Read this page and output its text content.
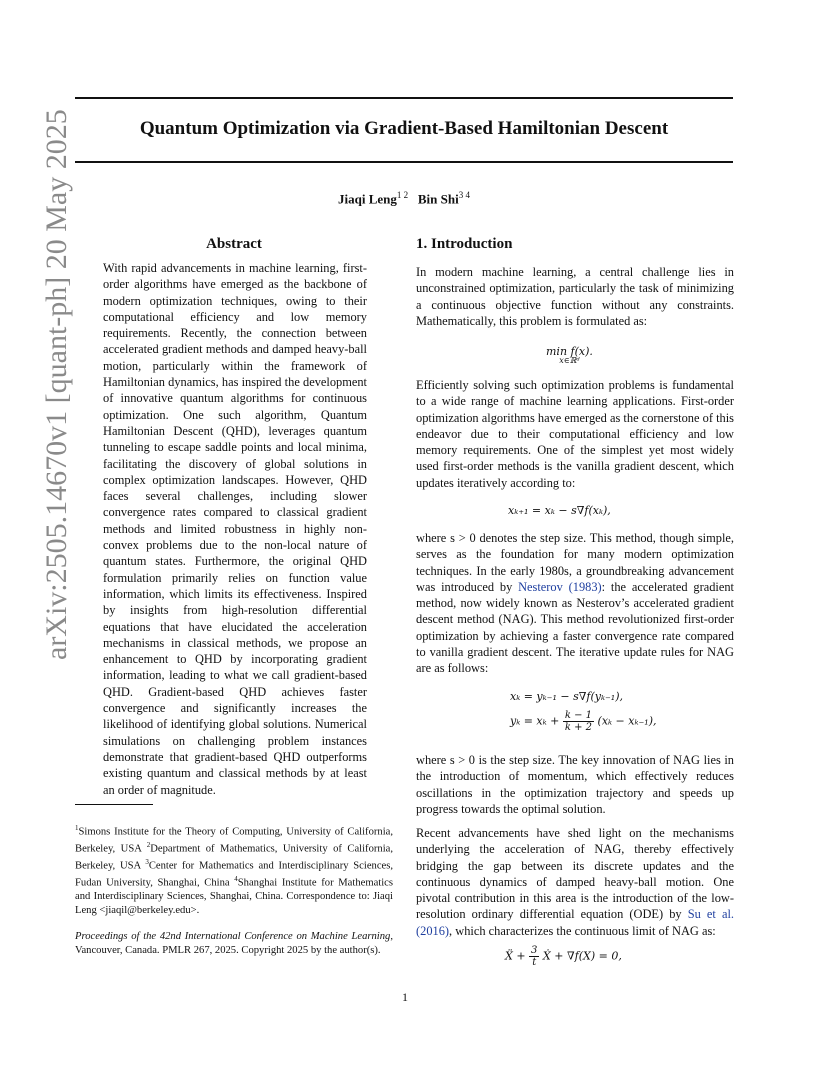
arXiv:2505.14670v1 [quant-ph] 20 May 2025	Quantum Optimization via Gradient-Based Hamiltonian Descent
Jiaqi Leng$^{1 2}$ Bin Shi$^{3 4}$
Abstract
With rapid advancements in machine learning, first-order algorithms have emerged as the backbone of modern optimization techniques, owing to their computational efficiency and low memory requirements. Recently, the connection between accelerated gradient methods and damped heavy-ball motion, particularly within the framework of Hamiltonian dynamics, has inspired the development of innovative quantum algorithms for continuous optimization. One such algorithm, Quantum Hamiltonian Descent (QHD), leverages quantum tunneling to escape saddle points and local minima, facilitating the discovery of global solutions in complex optimization landscapes. However, QHD faces several challenges, including slower convergence rates compared to classical gradient methods and limited robustness in highly non-convex problems due to the non-local nature of quantum states. Furthermore, the original QHD formulation primarily relies on function value information, which limits its effectiveness. Inspired by insights from high-resolution differential equations that have elucidated the acceleration mechanisms in classical methods, we propose an enhancement to QHD by incorporating gradient information, leading to what we call gradient-based QHD. Gradient-based QHD achieves faster convergence and significantly increases the likelihood of identifying global solutions. Numerical simulations on challenging problem instances demonstrate that gradient-based QHD outperforms existing quantum and classical methods by at least an order of magnitude.
$^1$Simons Institute for the Theory of Computing, University of California, Berkeley, USA $^2$Department of Mathematics, University of California, Berkeley, USA $^3$Center for Mathematics and Interdisciplinary Sciences, Fudan University, Shanghai, China $^4$Shanghai Institute for Mathematics and Interdisciplinary Sciences, Shanghai, China. Correspondence to: Jiaqi Leng <jiaqil@berkeley.edu>.
Proceedings of the 42nd International Conference on Machine Learning, Vancouver, Canada. PMLR 267, 2025. Copyright 2025 by the author(s).
1. Introduction
In modern machine learning, a central challenge lies in unconstrained optimization, particularly the task of minimizing a continuous objective function without any constraints. Mathematically, this problem is formulated as:
min f(x).
x∈ℝᵈ
Efficiently solving such optimization problems is fundamental to a wide range of machine learning applications. First-order optimization algorithms have emerged as the cornerstone of this endeavor due to their computational efficiency and low memory requirements. One of the simplest yet most widely used first-order methods is the vanilla gradient descent, which updates iteratively according to:
xₖ₊₁ = xₖ − s∇f(xₖ),
where s > 0 denotes the step size. This method, though simple, serves as the foundation for many modern optimization techniques. In the early 1980s, a groundbreaking advancement was introduced by Nesterov (1983): the accelerated gradient method, now widely known as Nesterov’s accelerated gradient descent method (NAG). This method revolutionized first-order optimization by achieving a faster convergence rate compared to vanilla gradient descent. The iterative update rules for NAG are as follows:
xₖ = yₖ₋₁ − s∇f(yₖ₋₁),
$y_k = x_k + \frac{k - 1}{k + 2} (x_k - x_{k-1})$,
where s > 0 is the step size. The key innovation of NAG lies in the introduction of momentum, which effectively reduces oscillations in the optimization trajectory and speeds up progress towards the optimal solution.
Recent advancements have shed light on the mechanisms underlying the acceleration of NAG, thereby effectively bridging the gap between its discrete updates and the continuous dynamics of damped heavy-ball motion. One pivotal contribution in this area is the introduction of the low-resolution ordinary differential equation (ODE) by Su et al. (2016), which characterizes the continuous limit of NAG as:
Ẍ + $\frac{3}{t}$ Ẋ + ∇f(X) = 0,
1
